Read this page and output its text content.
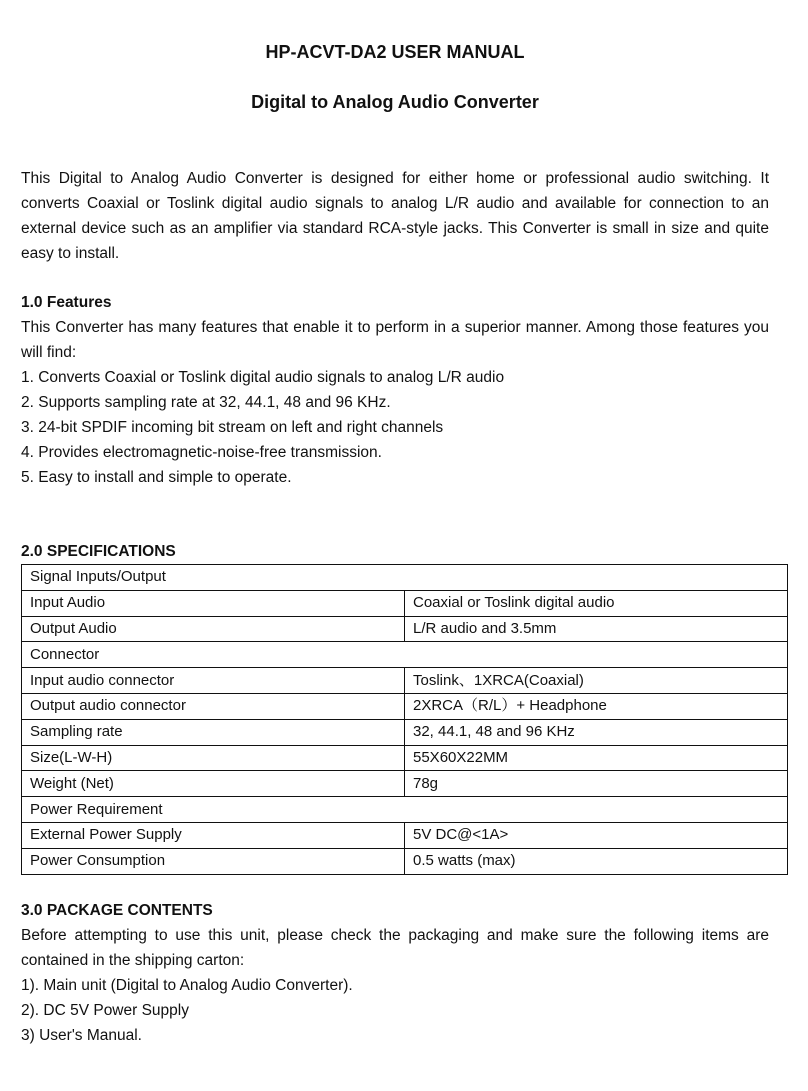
HP-ACVT-DA2 USER MANUAL
Digital to Analog Audio Converter
This Digital to Analog Audio Converter is designed for either home or professional audio switching. It converts Coaxial or Toslink digital audio signals to analog L/R audio and available for connection to an external device such as an amplifier via standard RCA-style jacks. This Converter is small in size and quite easy to install.
1.0 Features
This Converter has many features that enable it to perform in a superior manner. Among those features you will find:
1. Converts Coaxial or Toslink digital audio signals to analog L/R audio
2. Supports sampling rate at 32, 44.1, 48 and 96 KHz.
3. 24-bit SPDIF incoming bit stream on left and right channels
4. Provides electromagnetic-noise-free transmission.
5. Easy to install and simple to operate.
2.0 SPECIFICATIONS
Signal Inputs/Output	
Input Audio	Coaxial or Toslink digital audio
Output Audio	L/R audio and 3.5mm
Connector	
Input audio connector	Toslink、1XRCA(Coaxial)
Output audio connector	2XRCA（R/L）+ Headphone
Sampling rate	32, 44.1, 48 and 96 KHz
Size(L-W-H)	55X60X22MM
Weight (Net)	78g
Power Requirement	
External Power Supply	5V DC@<1A>
Power Consumption	0.5 watts (max)
3.0 PACKAGE CONTENTS
Before attempting to use this unit, please check the packaging and make sure the following items are contained in the shipping carton:
1). Main unit (Digital to Analog Audio Converter).
2). DC 5V Power Supply
3) User's Manual.
